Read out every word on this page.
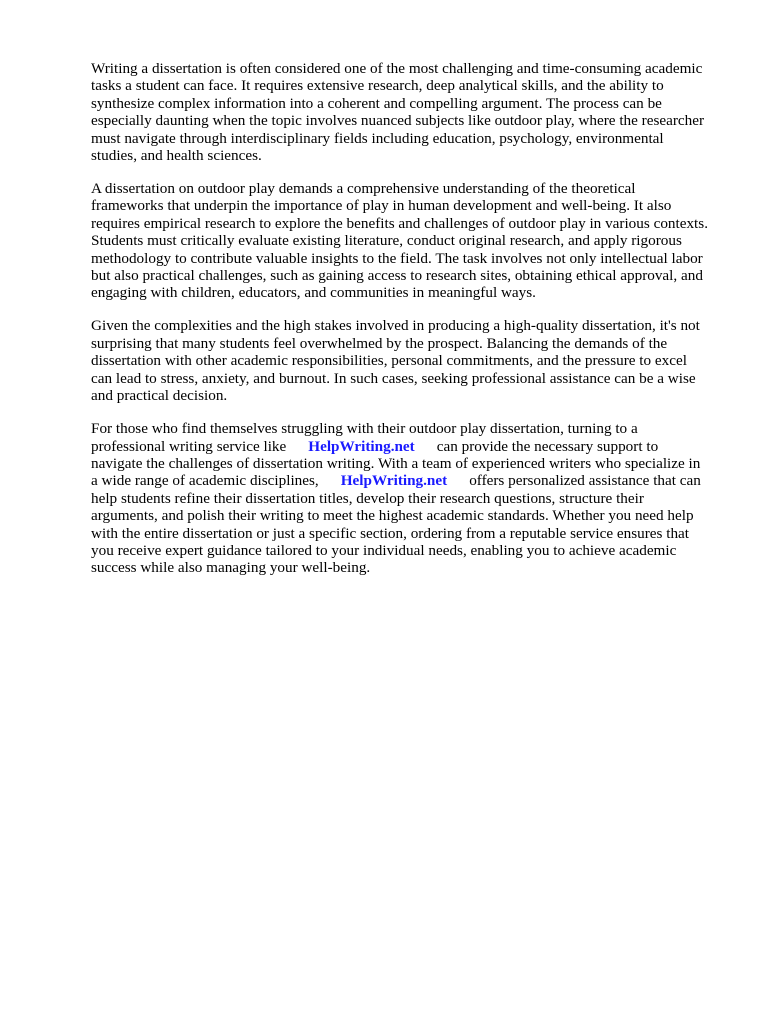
Writing a dissertation is often considered one of the most challenging and time-consuming academic
tasks a student can face. It requires extensive research, deep analytical skills, and the ability to
synthesize complex information into a coherent and compelling argument. The process can be
especially daunting when the topic involves nuanced subjects like outdoor play, where the researcher
must navigate through interdisciplinary fields including education, psychology, environmental
studies, and health sciences.

A dissertation on outdoor play demands a comprehensive understanding of the theoretical
frameworks that underpin the importance of play in human development and well-being. It also
requires empirical research to explore the benefits and challenges of outdoor play in various contexts.
Students must critically evaluate existing literature, conduct original research, and apply rigorous
methodology to contribute valuable insights to the field. The task involves not only intellectual labor
but also practical challenges, such as gaining access to research sites, obtaining ethical approval, and
engaging with children, educators, and communities in meaningful ways.

Given the complexities and the high stakes involved in producing a high-quality dissertation, it's not
surprising that many students feel overwhelmed by the prospect. Balancing the demands of the
dissertation with other academic responsibilities, personal commitments, and the pressure to excel
can lead to stress, anxiety, and burnout. In such cases, seeking professional assistance can be a wise
and practical decision.

For those who find themselves struggling with their outdoor play dissertation, turning to a
professional writing service like HelpWriting.net can provide the necessary support to
navigate the challenges of dissertation writing. With a team of experienced writers who specialize in
a wide range of academic disciplines, HelpWriting.net offers personalized assistance that can
help students refine their dissertation titles, develop their research questions, structure their
arguments, and polish their writing to meet the highest academic standards. Whether you need help
with the entire dissertation or just a specific section, ordering from a reputable service ensures that
you receive expert guidance tailored to your individual needs, enabling you to achieve academic
success while also managing your well-being.
